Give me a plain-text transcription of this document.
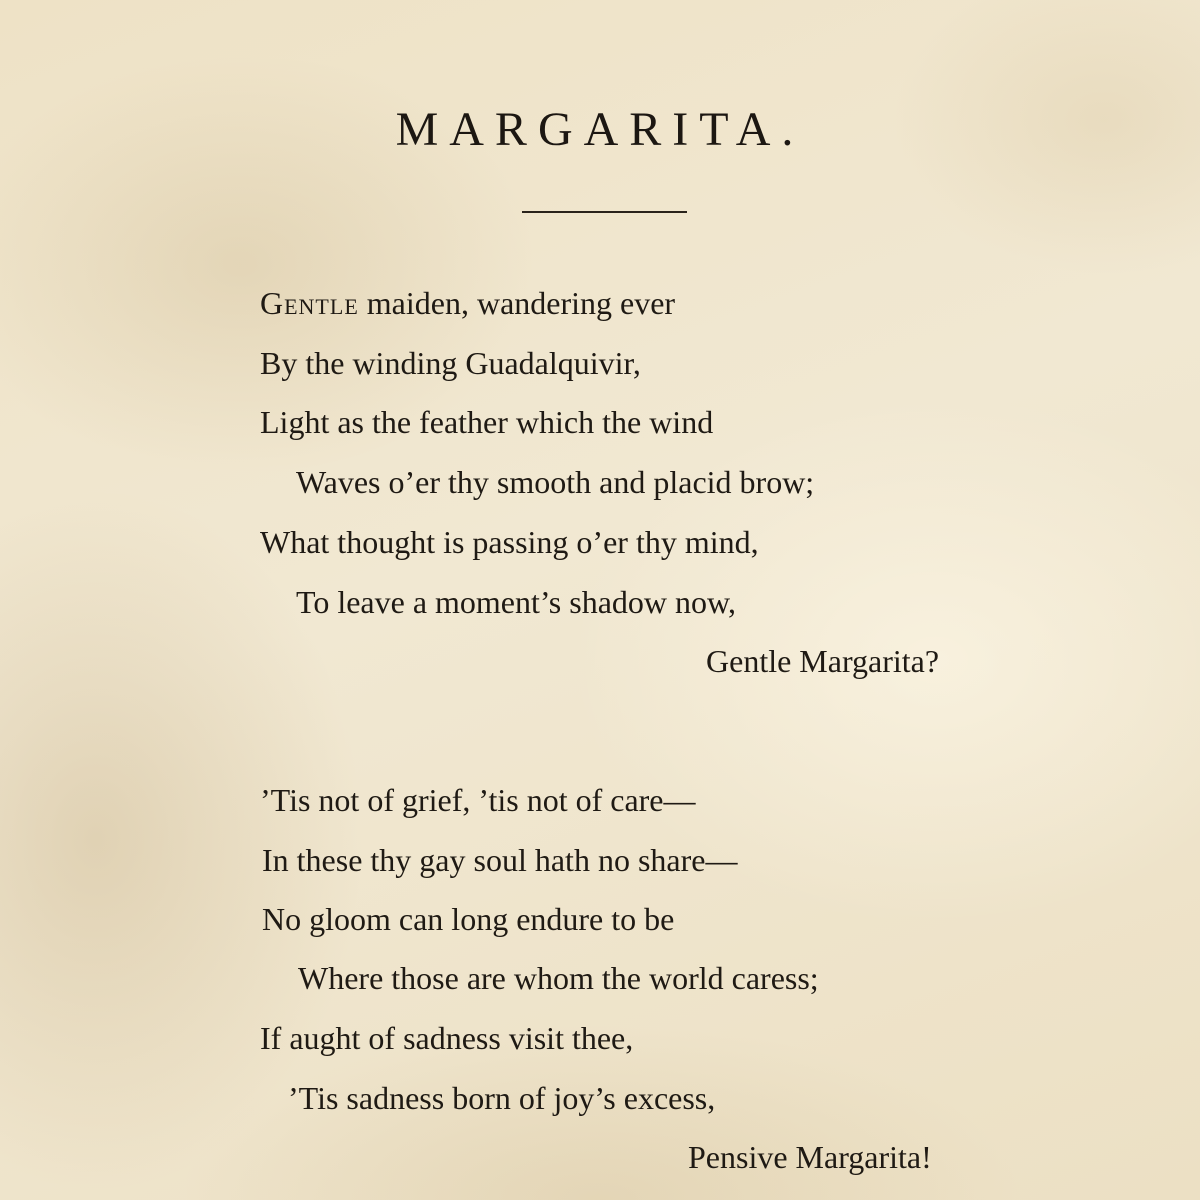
MARGARITA.
Gentle maiden, wandering ever
By the winding Guadalquivir,
Light as the feather which the wind
Waves o’er thy smooth and placid brow;
What thought is passing o’er thy mind,
To leave a moment’s shadow now,
Gentle Margarita?
’Tis not of grief, ’tis not of care—
In these thy gay soul hath no share—
No gloom can long endure to be
Where those are whom the world caress;
If aught of sadness visit thee,
’Tis sadness born of joy’s excess,
Pensive Margarita!
